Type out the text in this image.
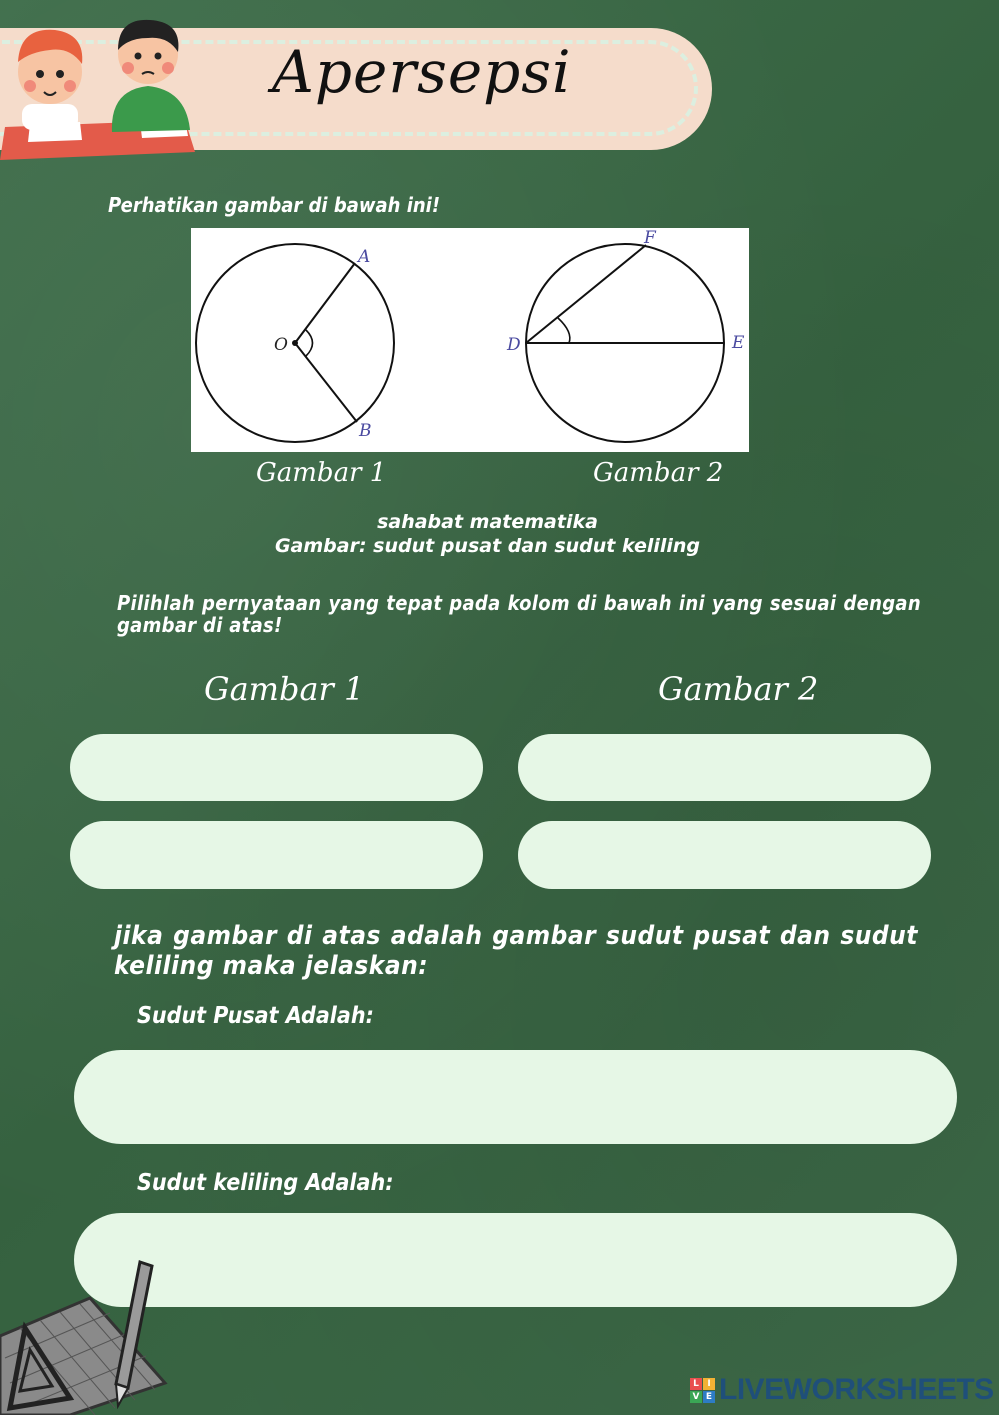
Apersepsi

Perhatikan gambar di bawah ini!

O
A
B
D	E
F

Gambar 1	Gambar 2

sahabat matematika

Gambar: sudut pusat dan sudut keliling

Pilihlah pernyataan yang tepat pada kolom di bawah ini yang sesuai dengan gambar di atas!

Gambar 1	Gambar 2

jika gambar di atas adalah gambar sudut pusat dan sudut keliling maka jelaskan:

Sudut Pusat Adalah:

Sudut keliling Adalah:

L I
V E LIVEWORKSHEETS
